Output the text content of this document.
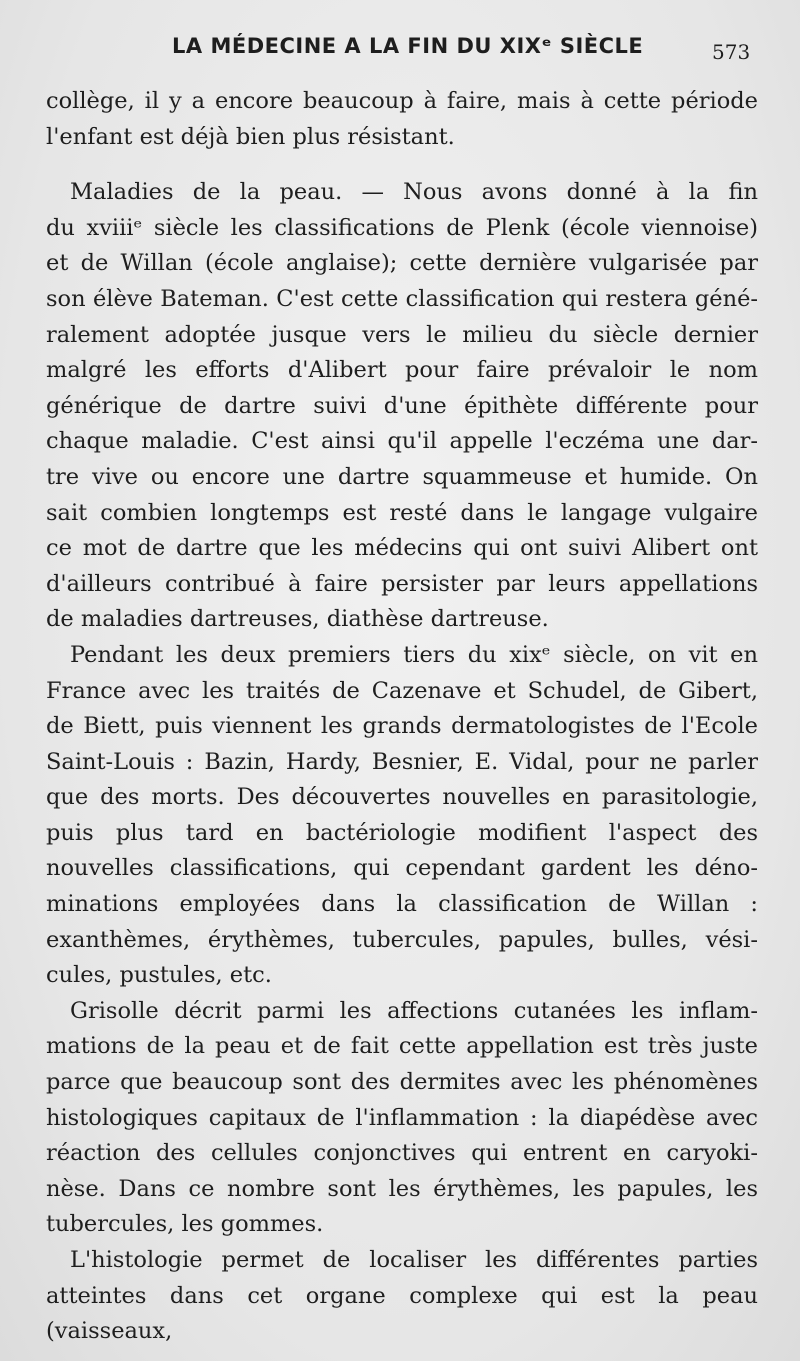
LA MÉDECINE A LA FIN DU XIXᵉ SIÈCLE	573
collège, il y a encore beaucoup à faire, mais à cette période
l'enfant est déjà bien plus résistant.
Maladies de la peau. — Nous avons donné à la fin
du xviiiᵉ siècle les classifications de Plenk (école viennoise)
et de Willan (école anglaise); cette dernière vulgarisée par
son élève Bateman. C'est cette classification qui restera géné-
ralement adoptée jusque vers le milieu du siècle dernier
malgré les efforts d'Alibert pour faire prévaloir le nom
générique de dartre suivi d'une épithète différente pour
chaque maladie. C'est ainsi qu'il appelle l'eczéma une dar-
tre vive ou encore une dartre squammeuse et humide. On
sait combien longtemps est resté dans le langage vulgaire
ce mot de dartre que les médecins qui ont suivi Alibert ont
d'ailleurs contribué à faire persister par leurs appellations
de maladies dartreuses, diathèse dartreuse.
Pendant les deux premiers tiers du xixᵉ siècle, on vit en
France avec les traités de Cazenave et Schudel, de Gibert,
de Biett, puis viennent les grands dermatologistes de l'Ecole
Saint-Louis : Bazin, Hardy, Besnier, E. Vidal, pour ne parler
que des morts. Des découvertes nouvelles en parasitologie,
puis plus tard en bactériologie modifient l'aspect des
nouvelles classifications, qui cependant gardent les déno-
minations employées dans la classification de Willan :
exanthèmes, érythèmes, tubercules, papules, bulles, vési-
cules, pustules, etc.
Grisolle décrit parmi les affections cutanées les inflam-
mations de la peau et de fait cette appellation est très juste
parce que beaucoup sont des dermites avec les phénomènes
histologiques capitaux de l'inflammation : la diapédèse avec
réaction des cellules conjonctives qui entrent en caryoki-
nèse. Dans ce nombre sont les érythèmes, les papules, les
tubercules, les gommes.
L'histologie permet de localiser les différentes parties
atteintes dans cet organe complexe qui est la peau (vaisseaux,
